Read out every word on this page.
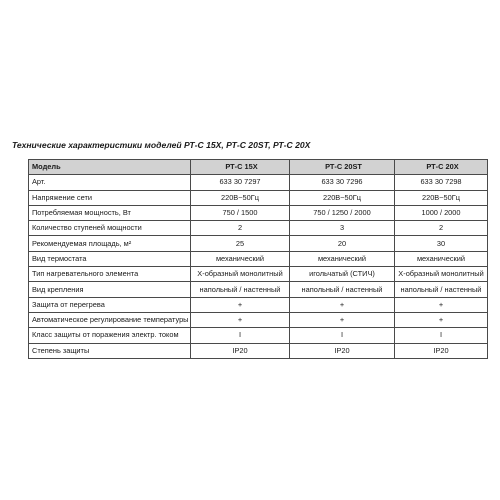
Технические характеристики моделей РТ-С 15Х, РТ-С 20ST, РТ-С 20Х
Модель	РТ-С 15Х	РТ-С 20ST	РТ-С 20Х
Арт.	633 30 7297	633 30 7296	633 30 7298
Напряжение сети	220В~50Гц	220В~50Гц	220В~50Гц
Потребляемая мощность, Вт	750 / 1500	750 / 1250 / 2000	1000 / 2000
Количество ступеней мощности	2	3	2
Рекомендуемая площадь, м²	25	20	30
Вид термостата	механический	механический	механический
Тип нагревательного элемента	Х-образный монолитный	игольчатый (СТИЧ)	Х-образный монолитный
Вид крепления	напольный / настенный	напольный / настенный	напольный / настенный
Защита от перегрева	+	+	+
Автоматическое регулирование температуры	+	+	+
Класс защиты от поражения электр. током	I	I	I
Степень защиты	IP20	IP20	IP20
